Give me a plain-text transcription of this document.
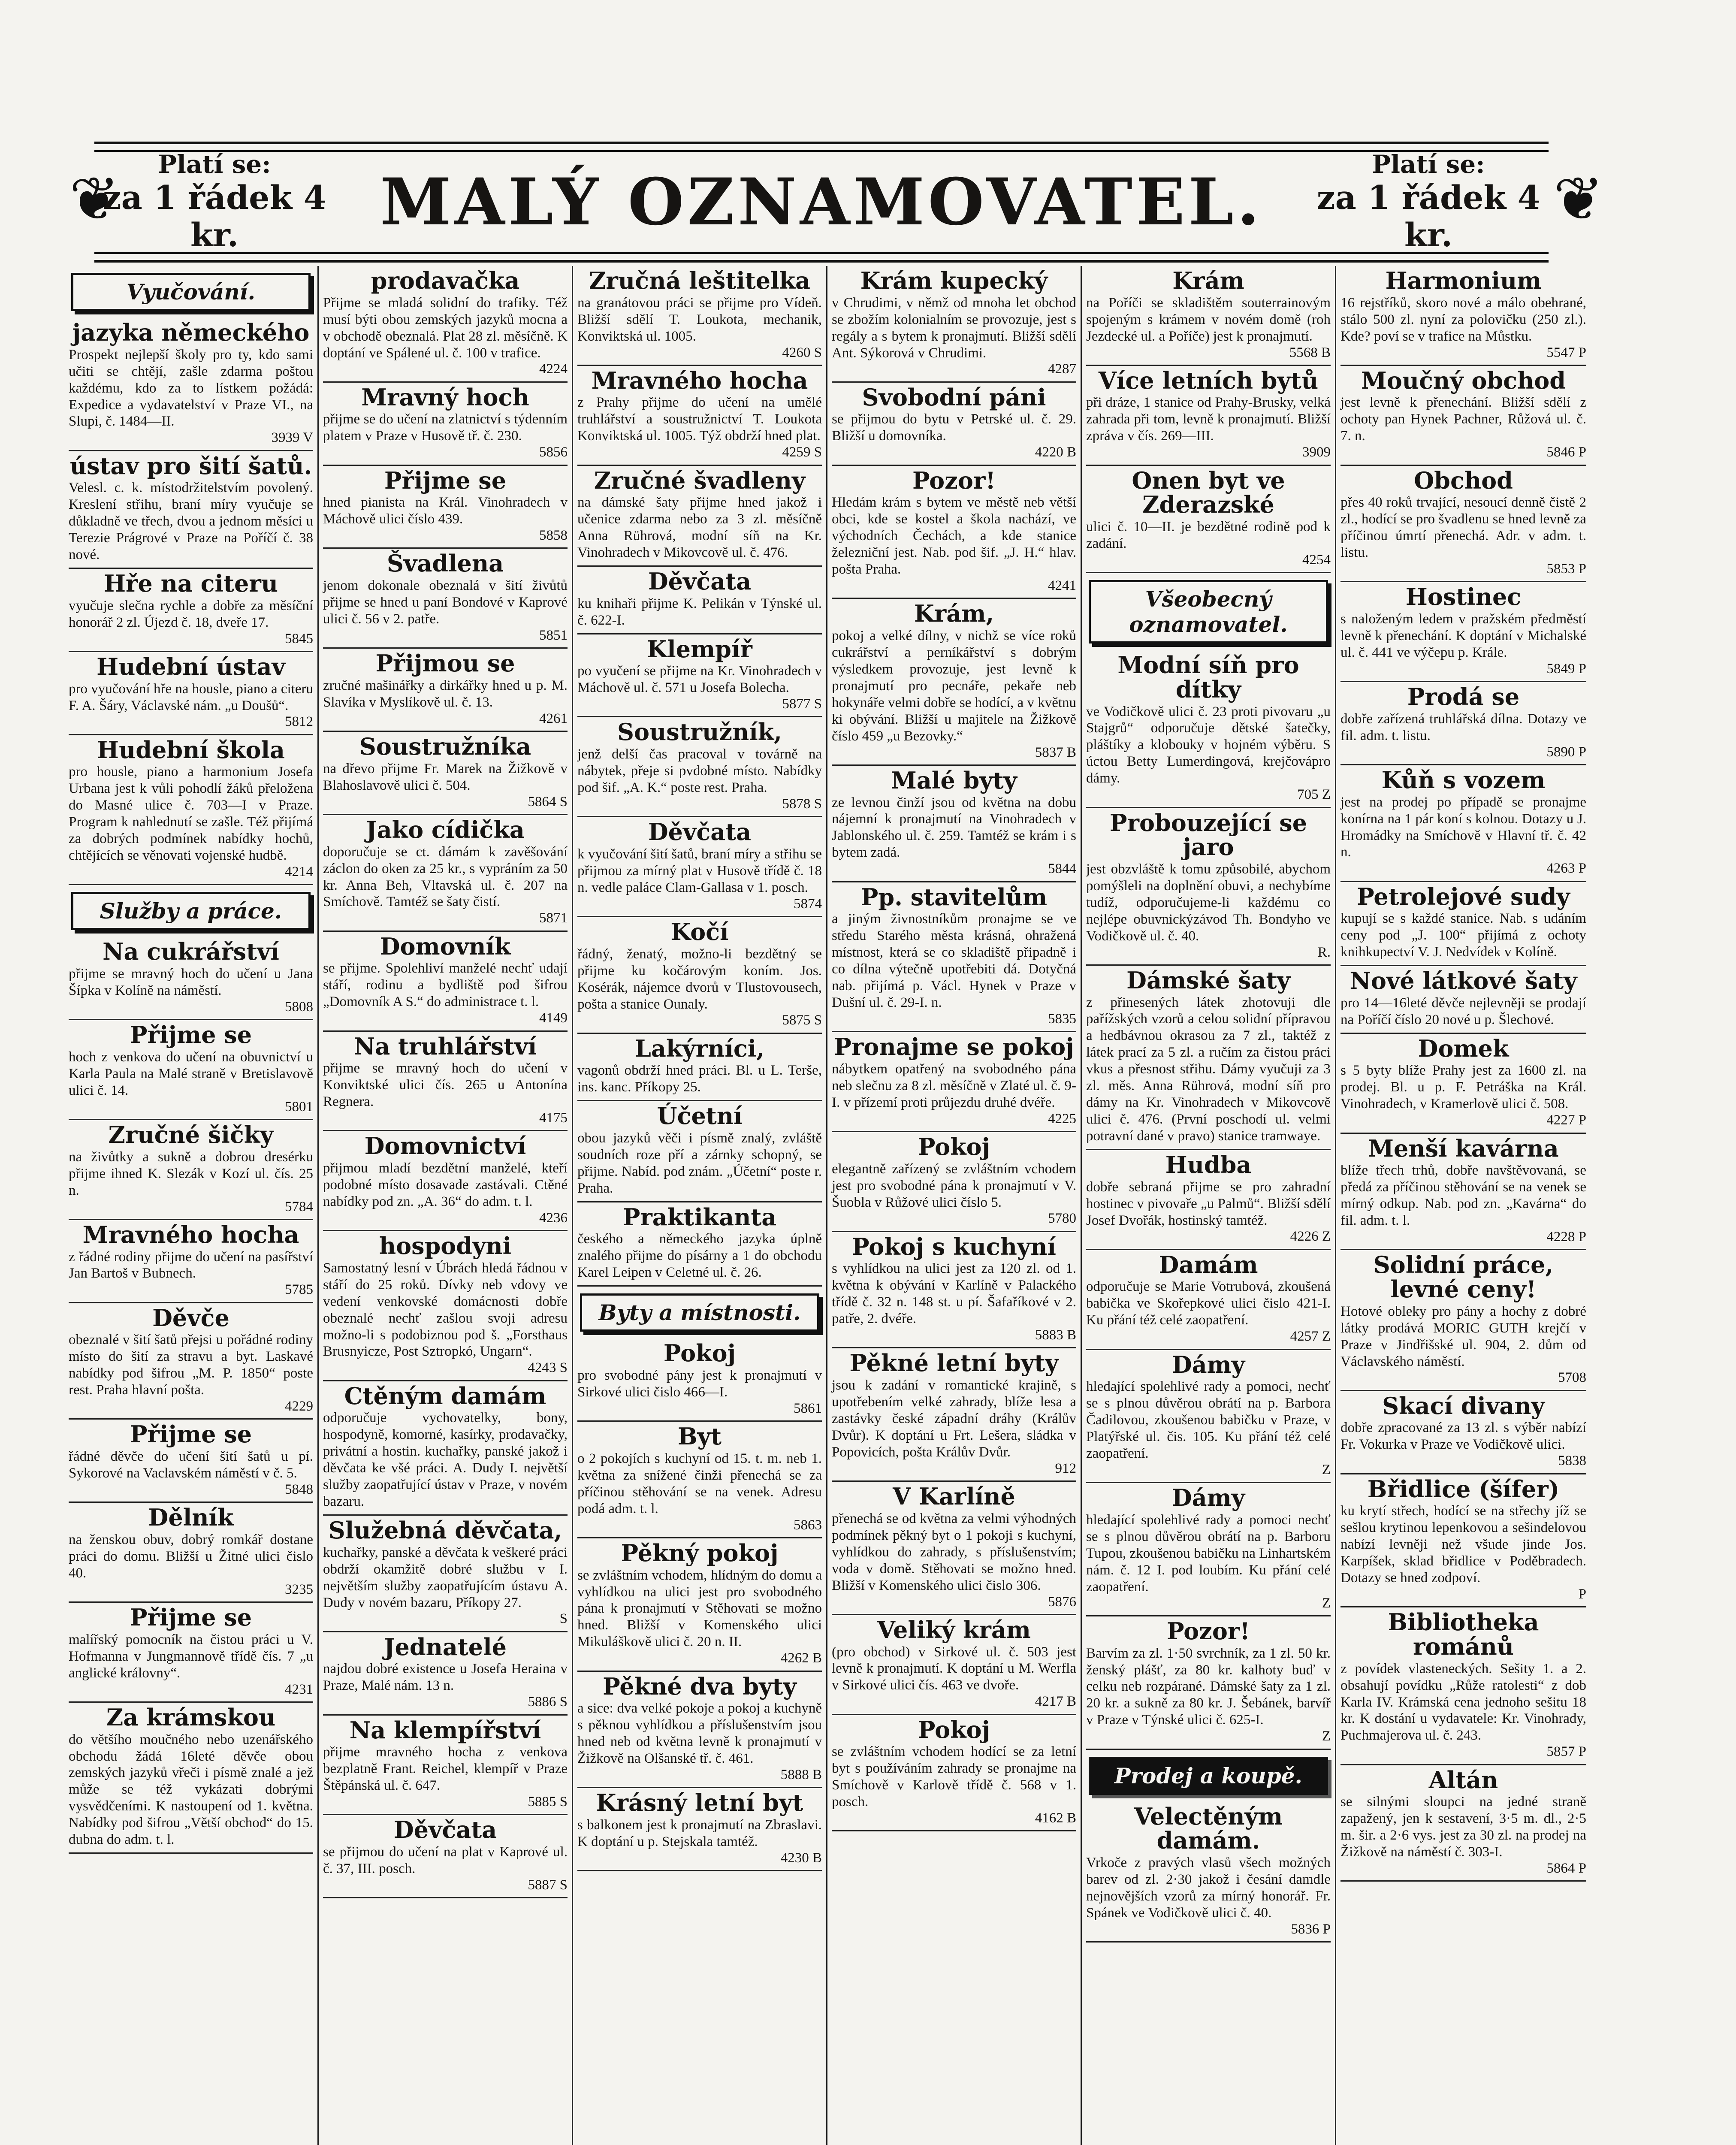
❦	Platí se:
za 1 řádek 4 kr.	MALÝ OZNAMOVATEL.	Platí se:
za 1 řádek 4 kr.
❦
Vyučování.
jazyka německého

Prospekt nejlepší školy pro ty, kdo sami učiti se chtějí, zašle zdarma poštou každému, kdo za to lístkem požádá: Expedice a vydavatelství v Praze VI., na Slupi, č. 1484—II.

3939 V
ústav pro šití šatů.

Velesl. c. k. místodržitelstvím povolený. Kreslení střihu, braní míry vyučuje se důkladně ve třech, dvou a jednom měsíci u Terezie Prágrové v Praze na Poříčí č. 38 nové.

Hře na citeru

vyučuje slečna rychle a dobře za měsíční honorář 2 zl. Újezd č. 18, dveře 17.

5845
Hudební ústav

pro vyučování hře na housle, piano a citeru F. A. Šáry, Václavské nám. „u Doušů“.

5812
Hudební škola

pro housle, piano a harmonium Josefa Urbana jest k vůli pohodlí žáků přeložena do Masné ulice č. 703—I v Praze. Program k nahlednutí se zašle. Též přijímá za dobrých podmínek nabídky hochů, chtějících se věnovati vojenské hudbě.

4214
Služby a práce.
Na cukrářství

přijme se mravný hoch do učení u Jana Šípka v Kolíně na náměstí.

5808
Přijme se

hoch z venkova do učení na obuvnictví u Karla Paula na Malé straně v Bretislavově ulici č. 14.

5801
Zručné šičky

na živůtky a sukně a dobrou dresérku přijme ihned K. Slezák v Kozí ul. čís. 25 n.

5784
Mravného hocha

z řádné rodiny přijme do učení na pasířství Jan Bartoš v Bubnech.

5785
Děvče

obeznalé v šití šatů přejsi u pořádné rodiny místo do šití za stravu a byt. Laskavé nabídky pod šifrou „M. P. 1850“ poste rest. Praha hlavní pošta.

4229
Přijme se

řádné děvče do učení šití šatů u pí. Sykorové na Vaclavském náměstí v č. 5.

5848
Dělník

na ženskou obuv, dobrý romkář dostane práci do domu. Bližší u Žitné ulici čislo 40.

3235
Přijme se

malířský pomocník na čistou práci u V. Hofmanna v Jungmannově třídě čís. 7 „u anglické královny“.

4231
Za krámskou

do většího moučného nebo uzenářského obchodu žádá 16leté děvče obou zemských jazyků vřeči i písmě znalé a jež může se též vykázati dobrými vysvědčeními. K nastoupení od 1. května. Nabídky pod šifrou „Větší obchod“ do 15. dubna do adm. t. l.

prodavačka

Přijme se mladá solidní do trafiky. Též musí býti obou zemských jazyků mocna a v obchodě obeznalá. Plat 28 zl. měsíčně. K doptání ve Spálené ul. č. 100 v trafice.

4224
Mravný hoch

přijme se do učení na zlatnictví s týdenním platem v Praze v Husově tř. č. 230.

5856
Přijme se

hned pianista na Král. Vinohradech v Máchově ulici číslo 439.

5858
Švadlena

jenom dokonale obeznalá v šití živůtů přijme se hned u paní Bondové v Kaprové ulici č. 56 v 2. patře.

5851
Přijmou se

zručné mašinářky a dirkářky hned u p. M. Slavíka v Myslíkově ul. č. 13.

4261
Soustružníka

na dřevo přijme Fr. Marek na Žižkově v Blahoslavově ulici č. 504.

5864 S
Jako cídička

doporučuje se ct. dámám k zavěšování záclon do oken za 25 kr., s vypráním za 50 kr. Anna Beh, Vltavská ul. č. 207 na Smíchově. Tamtéž se šaty čistí.

5871
Domovník

se přijme. Spolehliví manželé nechť udají stáří, rodinu a bydliště pod šifrou „Domovník A S.“ do administrace t. l.

4149
Na truhlářství

přijme se mravný hoch do učení v Konviktské ulici čís. 265 u Antonína Regnera.

4175
Domovnictví

přijmou mladí bezdětní manželé, kteří podobné místo dosavade zastávali. Ctěné nabídky pod zn. „A. 36“ do adm. t. l.

4236
hospodyni

Samostatný lesní v Úbrách hledá řádnou v stáří do 25 roků. Dívky neb vdovy ve vedení venkovské domácnosti dobře obeznalé nechť zašlou svoji adresu možno-li s podobiznou pod š. „Forsthaus Brusnyicze, Post Sztropkó, Ungarn“.

4243 S
Ctěným damám

odporučuje vychovatelky, bony, hospodyně, komorné, kasírky, prodavačky, privátní a hostin. kuchařky, panské jakož i děvčata ke všé práci. A. Dudy I. největší služby zaopatřující ústav v Praze, v novém bazaru.

Služebná děvčata,

kuchařky, panské a děvčata k veškeré práci obdrží okamžitě dobré službu v I. největším služby zaopatřujícím ústavu A. Dudy v novém bazaru, Příkopy 27.

S
Jednatelé

najdou dobré existence u Josefa Heraina v Praze, Malé nám. 13 n.

5886 S
Na klempířství

přijme mravného hocha z venkova bezplatně Frant. Reichel, klempíř v Praze Štěpánská ul. č. 647.

5885 S
Děvčata

se přijmou do učení na plat v Kaprové ul. č. 37, III. posch.

5887 S
Zručná leštitelka

na granátovou práci se přijme pro Vídeň. Bližší sdělí T. Loukota, mechanik, Konviktská ul. 1005.

4260 S
Mravného hocha

z Prahy přijme do učení na umělé truhlářství a soustružnictví T. Loukota Konviktská ul. 1005. Týž obdrží hned plat.

4259 S
Zručné švadleny

na dámské šaty přijme hned jakož i učenice zdarma nebo za 3 zl. měsíčně Anna Rührová, modní síň na Kr. Vinohradech v Mikovcově ul. č. 476.

Děvčata

ku knihaři přijme K. Pelikán v Týnské ul. č. 622-I.

Klempíř

po vyučení se přijme na Kr. Vinohradech v Máchově ul. č. 571 u Josefa Bolecha.

5877 S
Soustružník,

jenž delší čas pracoval v továrně na nábytek, přeje si pvdobné místo. Nabídky pod šif. „A. K.“ poste rest. Praha.

5878 S
Děvčata

k vyučování šití šatů, braní míry a střihu se přijmou za mírný plat v Husově třídě č. 18 n. vedle paláce Clam-Gallasa v 1. posch.

5874
Kočí

řádný, ženatý, možno-li bezdětný se přijme ku kočárovým koním. Jos. Kosérák, nájemce dvorů v Tlustovousech, pošta a stanice Ounaly.

5875 S
Lakýrníci,

vagonů obdrží hned práci. Bl. u L. Terše, ins. kanc. Příkopy 25.

Účetní

obou jazyků věči i písmě znalý, zvláště soudních roze pří a zárnky schopný, se přijme. Nabíd. pod znám. „Účetní“ poste r. Praha.

Praktikanta

českého a německého jazyka úplně znalého přijme do písárny a 1 do obchodu Karel Leipen v Celetné ul. č. 26.

Byty a místnosti.
Pokoj

pro svobodné pány jest k pronajmutí v Sirkové ulici čislo 466—I.

5861
Byt

o 2 pokojích s kuchyní od 15. t. m. neb 1. května za snížené činži přenechá se za příčinou stěhování se na venek. Adresu podá adm. t. l.

5863
Pěkný pokoj

se zvláštním vchodem, hlídným do domu a vyhlídkou na ulici jest pro svobodného pána k pronajmutí v Stěhovati se možno hned. Bližší v Komenského ulici Mikuláškově ulici č. 20 n. II.

4262 B
Pěkné dva byty

a sice: dva velké pokoje a pokoj a kuchyně s pěknou vyhlídkou a příslušenstvím jsou hned neb od května levně k pronajmutí v Žižkově na Olšanské tř. č. 461.

5888 B
Krásný letní byt

s balkonem jest k pronajmutí na Zbraslavi. K doptání u p. Stejskala tamtéž.

4230 B
Krám kupecký

v Chrudimi, v němž od mnoha let obchod se zbožím kolonialním se provozuje, jest s regály a s bytem k pronajmutí. Bližší sdělí Ant. Sýkorová v Chrudimi.

4287
Svobodní páni

se přijmou do bytu v Petrské ul. č. 29. Bližší u domovníka.

4220 B
Pozor!

Hledám krám s bytem ve městě neb větší obci, kde se kostel a škola nachází, ve východních Čechách, a kde stanice železniční jest. Nab. pod šif. „J. H.“ hlav. pošta Praha.

4241
Krám,

pokoj a velké dílny, v nichž se více roků cukrářství a perníkářství s dobrým výsledkem provozuje, jest levně k pronajmutí pro pecnáře, pekaře neb hokynáře velmi dobře se hodící, a v květnu ki obývání. Bližší u majitele na Žižkově číslo 459 „u Bezovky.“

5837 B
Malé byty

ze levnou činží jsou od května na dobu nájemní k pronajmutí na Vinohradech v Jablonského ul. č. 259. Tamtéž se krám i s bytem zadá.

5844
Pp. stavitelům

a jiným živnostníkům pronajme se ve středu Starého města krásná, ohražená místnost, která se co skladiště připadně i co dílna výtečně upotřebiti dá. Dotyčná nab. přijímá p. Václ. Hynek v Praze v Dušní ul. č. 29-I. n.

5835
Pronajme se pokoj

nábytkem opatřený na svobodného pána neb slečnu za 8 zl. měsíčně v Zlaté ul. č. 9-I. v přízemí proti průjezdu druhé dvéře.

4225
Pokoj

elegantně zařízený se zvláštním vchodem jest pro svobodné pána k pronajmutí v V. Šuobla v Růžové ulici číslo 5.

5780
Pokoj s kuchyní

s vyhlídkou na ulici jest za 120 zl. od 1. května k obývání v Karlíně v Palackého třídě č. 32 n. 148 st. u pí. Šafaříkové v 2. patře, 2. dvéře.

5883 B
Pěkné letní byty

jsou k zadání v romantické krajině, s upotřebením velké zahrady, blíže lesa a zastávky české západní dráhy (Králův Dvůr). K doptání u Frt. Lešera, sládka v Popovicích, pošta Králův Dvůr.

912
V Karlíně

přenechá se od května za velmi výhodných podmínek pěkný byt o 1 pokoji s kuchyní, vyhlídkou do zahrady, s příslušenstvím; voda v domě. Stěhovati se možno hned. Bližší v Komenského ulici čislo 306.

5876
Veliký krám

(pro obchod) v Sirkové ul. č. 503 jest levně k pronajmutí. K doptání u M. Werfla v Sirkové ulici čís. 463 ve dvoře.

4217 B
Pokoj

se zvláštním vchodem hodící se za letní byt s používáním zahrady se pronajme na Smíchově v Karlově třídě č. 568 v 1. posch.

4162 B
Krám

na Poříči se skladištěm souterrainovým spojeným s krámem v novém domě (roh Jezdecké ul. a Poříče) jest k pronajmutí.

5568 B
Více letních bytů

při dráze, 1 stanice od Prahy-Brusky, velká zahrada při tom, levně k pronajmutí. Bližší zpráva v čís. 269—III.

3909
Onen byt ve Zderazské

ulici č. 10—II. je bezdětné rodině pod k zadání.

4254
Všeobecný oznamovatel.
Modní síň pro dítky

ve Vodičkově ulici č. 23 proti pivovaru „u Stajgrů“ odporučuje dětské šatečky, pláštíky a klobouky v hojném výběru. S úctou Betty Lumerdingová, krejčovápro dámy.

705 Z
Probouzející se jaro

jest obzvláště k tomu způsobilé, abychom pomýšleli na doplnění obuvi, a nechybíme tudíž, odporučujeme-li každému co nejlépe obuvnickýzávod Th. Bondyho ve Vodičkově ul. č. 40.

R.
Dámské šaty

z přinesených látek zhotovuji dle pařížských vzorů a celou solidní přípravou a hedbávnou okrasou za 7 zl., taktéž z látek prací za 5 zl. a ručím za čistou práci vkus a přesnost střihu. Dámy vyučuji za 3 zl. měs. Anna Rührová, modní síň pro dámy na Kr. Vinohradech v Mikovcově ulici č. 476. (První poschodí ul. velmi potravní dané v pravo) stanice tramwaye.

Hudba

dobře sebraná přijme se pro zahradní hostinec v pivovaře „u Palmů“. Bližší sdělí Josef Dvořák, hostinský tamtéž.

4226 Z
Damám

odporučuje se Marie Votrubová, zkoušená babička ve Skořepkové ulici čislo 421-I. Ku přání též celé zaopatření.

4257 Z
Dámy

hledající spolehlivé rady a pomoci, nechť se s plnou důvěrou obrátí na p. Barbora Čadilovou, zkoušenou babičku v Praze, v Platýřské ul. čis. 105. Ku přání též celé zaopatření.

Z
Dámy

hledající spolehlivé rady a pomoci nechť se s plnou důvěrou obrátí na p. Barboru Tupou, zkoušenou babičku na Linhartském nám. č. 12 I. pod loubím. Ku přání celé zaopatření.

Z
Pozor!

Barvím za zl. 1·50 svrchník, za 1 zl. 50 kr. ženský plášť, za 80 kr. kalhoty buď v celku neb rozpárané. Dámské šaty za 1 zl. 20 kr. a sukně za 80 kr. J. Šebánek, barvíř v Praze v Týnské ulici č. 625-I.

Z
Prodej a koupě.
Velectěným damám.

Vrkoče z pravých vlasů všech možných barev od zl. 2·30 jakož i česání damdle nejnovějších vzorů za mírný honorář. Fr. Spánek ve Vodičkově ulici č. 40.

5836 P
Harmonium

16 rejstříků, skoro nové a málo obehrané, stálo 500 zl. nyní za polovičku (250 zl.). Kde? poví se v trafice na Můstku.

5547 P
Moučný obchod

jest levně k přenechání. Bližší sdělí z ochoty pan Hynek Pachner, Růžová ul. č. 7. n.

5846 P
Obchod

přes 40 roků trvající, nesoucí denně čistě 2 zl., hodící se pro švadlenu se hned levně za příčinou úmrtí přenechá. Adr. v adm. t. listu.

5853 P
Hostinec

s naloženým ledem v pražském předměstí levně k přenechání. K doptání v Michalské ul. č. 441 ve výčepu p. Krále.

5849 P
Prodá se

dobře zařízená truhlářská dílna. Dotazy ve fil. adm. t. listu.

5890 P
Kůň s vozem

jest na prodej po případě se pronajme konírna na 1 pár koní s kolnou. Dotazy u J. Hromádky na Smíchově v Hlavní tř. č. 42 n.

4263 P
Petrolejové sudy

kupují se s každé stanice. Nab. s udáním ceny pod „J. 100“ přijímá z ochoty knihkupectví V. J. Nedvídek v Kolíně.

Nové látkové šaty

pro 14—16leté děvče nejlevněji se prodají na Poříčí číslo 20 nové u p. Šlechové.

Domek

s 5 byty blíže Prahy jest za 1600 zl. na prodej. Bl. u p. F. Petráška na Král. Vinohradech, v Kramerlově ulici č. 508.

4227 P
Menší kavárna

blíže třech trhů, dobře navštěvovaná, se předá za příčinou stěhování se na venek se mírný odkup. Nab. pod zn. „Kavárna“ do fil. adm. t. l.

4228 P
Solidní práce, levné ceny!

Hotové obleky pro pány a hochy z dobré látky prodává MORIC GUTH krejčí v Praze v Jindřišské ul. 904, 2. dům od Václavského náměstí.

5708
Skací divany

dobře zpracované za 13 zl. s výběr nabízí Fr. Vokurka v Praze ve Vodičkově ulici.

5838
Břidlice (šífer)

ku krytí střech, hodící se na střechy jíž se sešlou krytinou lepenkovou a sešindelovou nabízí levněji než všude jinde Jos. Karpíšek, sklad břidlice v Poděbradech. Dotazy se hned zodpoví.

P
Bibliotheka románů

z povídek vlasteneckých. Sešity 1. a 2. obsahují povídku „Růže ratolesti“ z dob Karla IV. Krámská cena jednoho sešitu 18 kr. K dostání u vydavatele: Kr. Vinohrady, Puchmajerova ul. č. 243.

5857 P
Altán

se silnými sloupci na jedné straně zapažený, jen k sestavení, 3·5 m. dl., 2·5 m. šir. a 2·6 vys. jest za 30 zl. na prodej na Žižkově na náměstí č. 303-I.

5864 P
